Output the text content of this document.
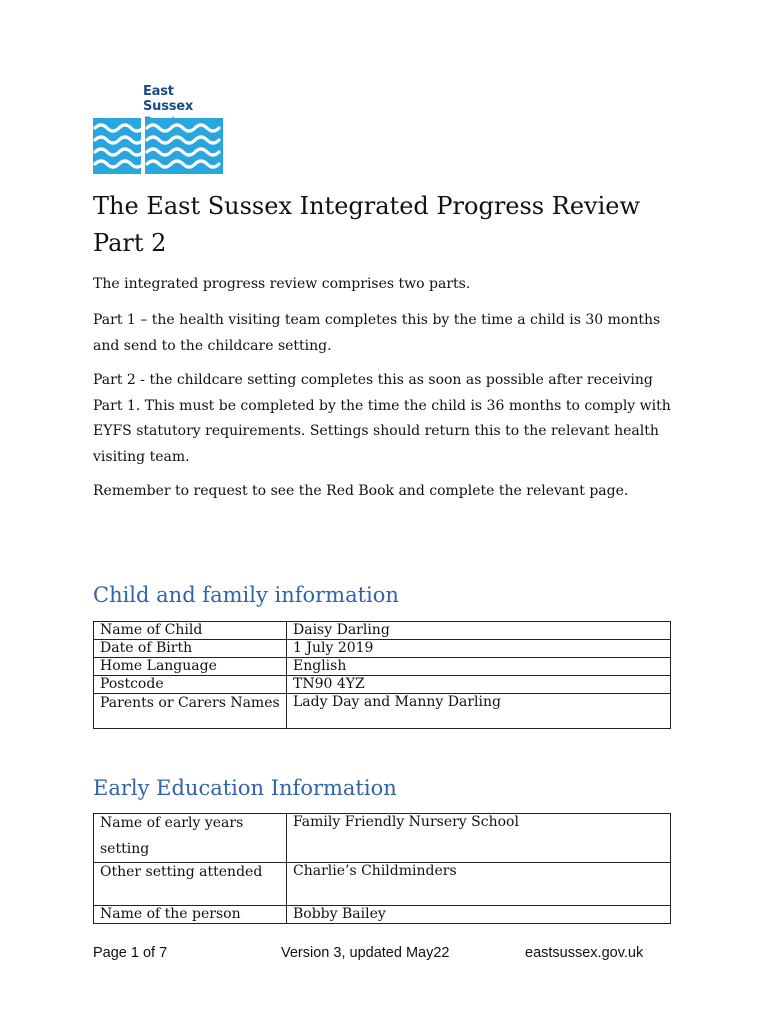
East Sussex
The East Sussex Integrated Progress Review
Part 2

The integrated progress review comprises two parts.

Part 1 – the health visiting team completes this by the time a child is 30 months and send to the childcare setting.

Part 2 - the childcare setting completes this as soon as possible after receiving Part 1. This must be completed by the time the child is 36 months to comply with EYFS statutory requirements. Settings should return this to the relevant health visiting team.

Remember to request to see the Red Book and complete the relevant page.

Child and family information
Name of Child	Daisy Darling
Date of Birth	1 July 2019
Home Language	English
Postcode	TN90 4YZ

Parents or Carers Names	Lady Day and Manny Darling
Early Education Information
Name of early years setting	Family Friendly Nursery School

Other setting attended	Charlie’s Childminders
Name of the person	Bobby Bailey
Page 1 of 7	Version 3, updated May22	eastsussex.gov.uk
